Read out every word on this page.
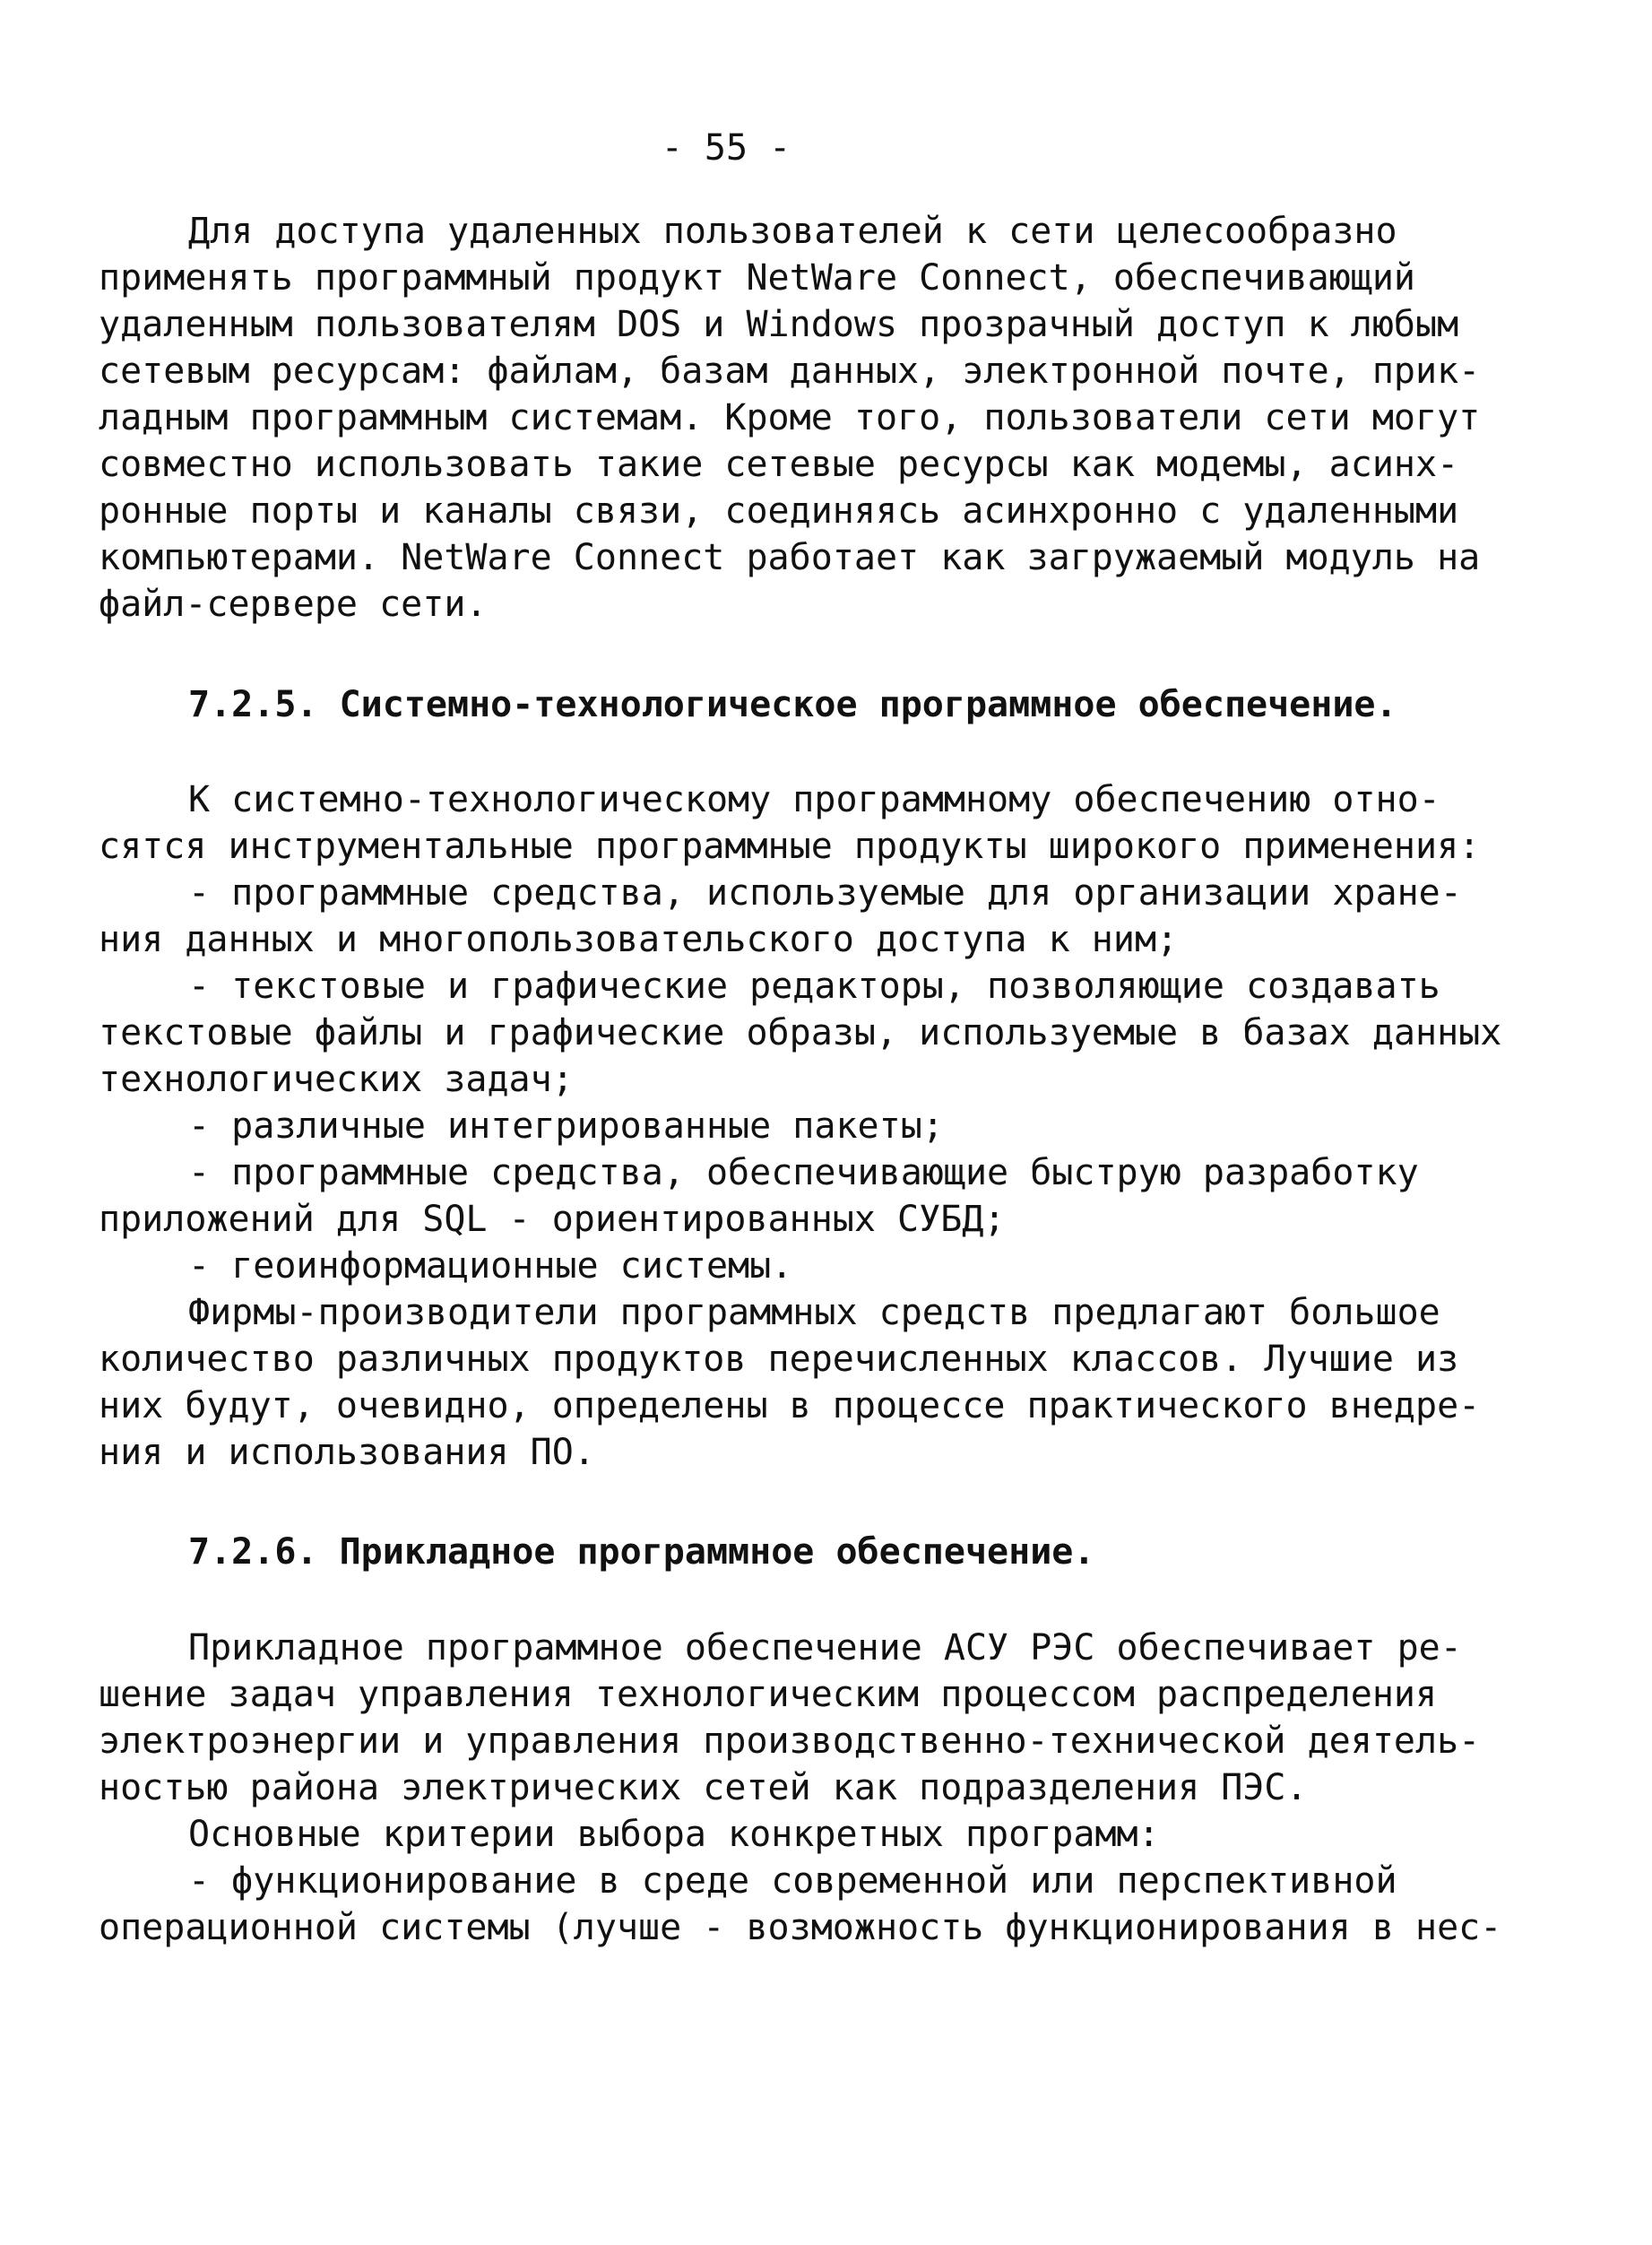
- 55 -
Для доступа удаленных пользователей к сети целесообразно
применять программный продукт NetWare Connect, обеспечивающий
удаленным пользователям DOS и Windows прозрачный доступ к любым
сетевым ресурсам: файлам, базам данных, электронной почте, прик-
ладным программным системам. Кроме того, пользователи сети могут
совместно использовать такие сетевые ресурсы как модемы, асинх-
ронные порты и каналы связи, соединяясь асинхронно с удаленными
компьютерами. NetWare Connect работает как загружаемый модуль на
файл-сервере сети.
7.2.5. Системно-технологическое программное обеспечение.
К системно-технологическому программному обеспечению отно-
сятся инструментальные программные продукты широкого применения:
- программные средства, используемые для организации хране-
ния данных и многопользовательского доступа к ним;
- текстовые и графические редакторы, позволяющие создавать
текстовые файлы и графические образы, используемые в базах данных
технологических задач;
- различные интегрированные пакеты;
- программные средства, обеспечивающие быструю разработку
приложений для SQL - ориентированных СУБД;
- геоинформационные системы.
Фирмы-производители программных средств предлагают большое
количество различных продуктов перечисленных классов. Лучшие из
них будут, очевидно, определены в процессе практического внедре-
ния и использования ПО.
7.2.6. Прикладное программное обеспечение.
Прикладное программное обеспечение АСУ РЭС обеспечивает ре-
шение задач управления технологическим процессом распределения
электроэнергии и управления производственно-технической деятель-
ностью района электрических сетей как подразделения ПЭС.
Основные критерии выбора конкретных программ:
- функционирование в среде современной или перспективной
операционной системы (лучше - возможность функционирования в нес-
